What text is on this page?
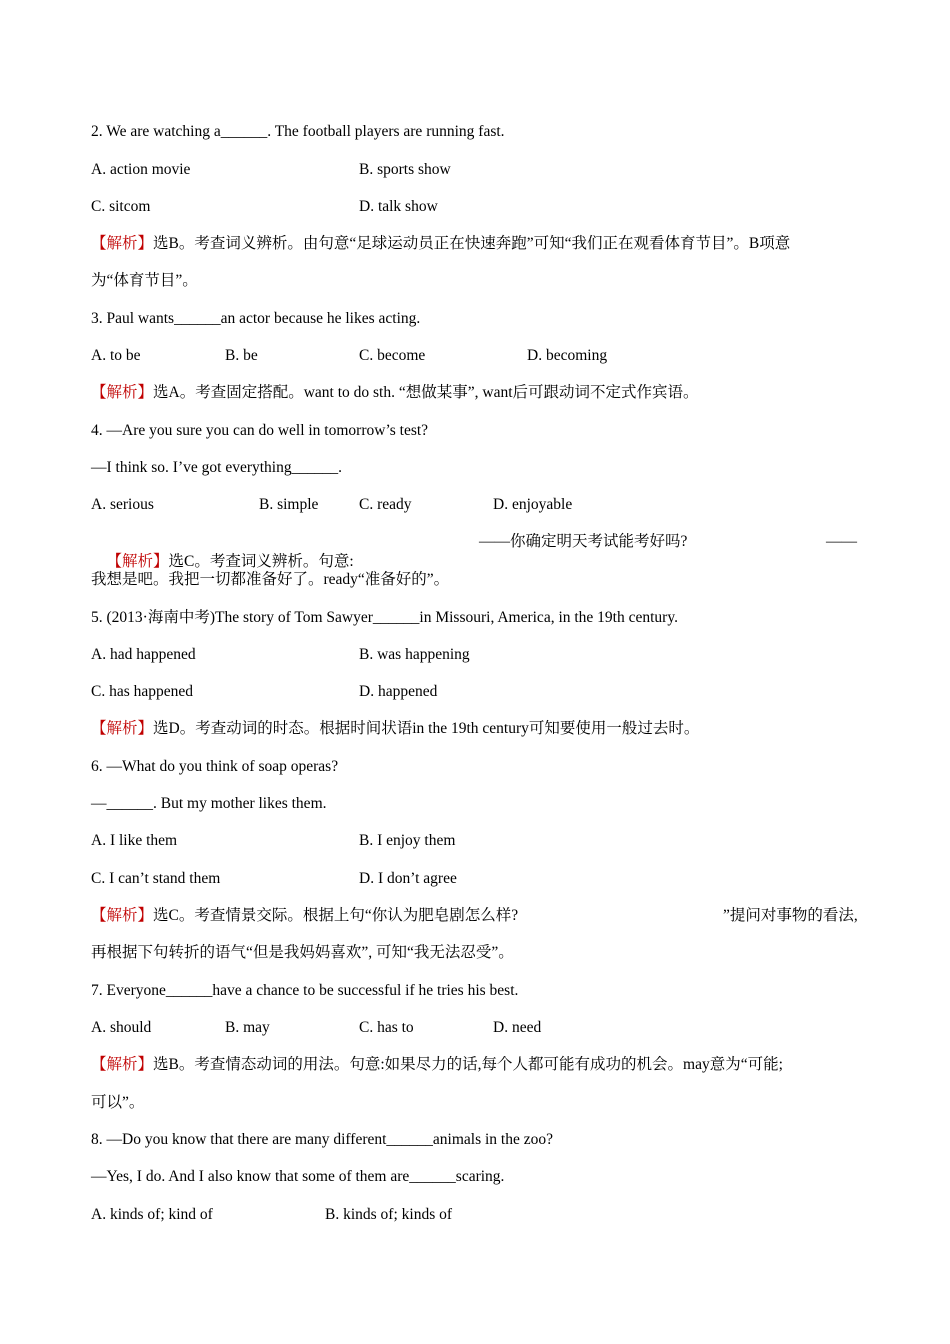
2. We are watching a______. The football players are running fast.
A. action movie	B. sports show
C. sitcom	D. talk show
【解析】选B。考查词义辨析。由句意“足球运动员正在快速奔跑”可知“我们正在观看体育节目”。B项意
为“体育节目”。
3. Paul wants______an actor because he likes acting.
A. to be	B. be	C. become	D. becoming
【解析】选A。考查固定搭配。want to do sth. “想做某事”, want后可跟动词不定式作宾语。
4. —Are you sure you can do well in tomorrow’s test?
—I think so. I’ve got everything______.
A. serious	B. simple	C. ready	D. enjoyable

【解析】选C。考查词义辨析。句意:

——你确定明天考试能考好吗?	——
我想是吧。我把一切都准备好了。ready“准备好的”。
5. (2013·海南中考)The story of Tom Sawyer______in Missouri, America, in the 19th century.
A. had happened	B. was happening
C. has happened	D. happened
【解析】选D。考查动词的时态。根据时间状语in the 19th century可知要使用一般过去时。
6. —What do you think of soap operas?
—______. But my mother likes them.
A. I like them	B. I enjoy them
C. I can’t stand them	D. I don’t agree
【解析】选C。考查情景交际。根据上句“你认为肥皂剧怎么样?	”提问对事物的看法,
再根据下句转折的语气“但是我妈妈喜欢”, 可知“我无法忍受”。
7. Everyone______have a chance to be successful if he tries his best.
A. should	B. may	C. has to	D. need
【解析】选B。考查情态动词的用法。句意:如果尽力的话,每个人都可能有成功的机会。may意为“可能;
可以”。
8. —Do you know that there are many different______animals in the zoo?
—Yes, I do. And I also know that some of them are______scaring.
A. kinds of; kind of	B. kinds of; kinds of
